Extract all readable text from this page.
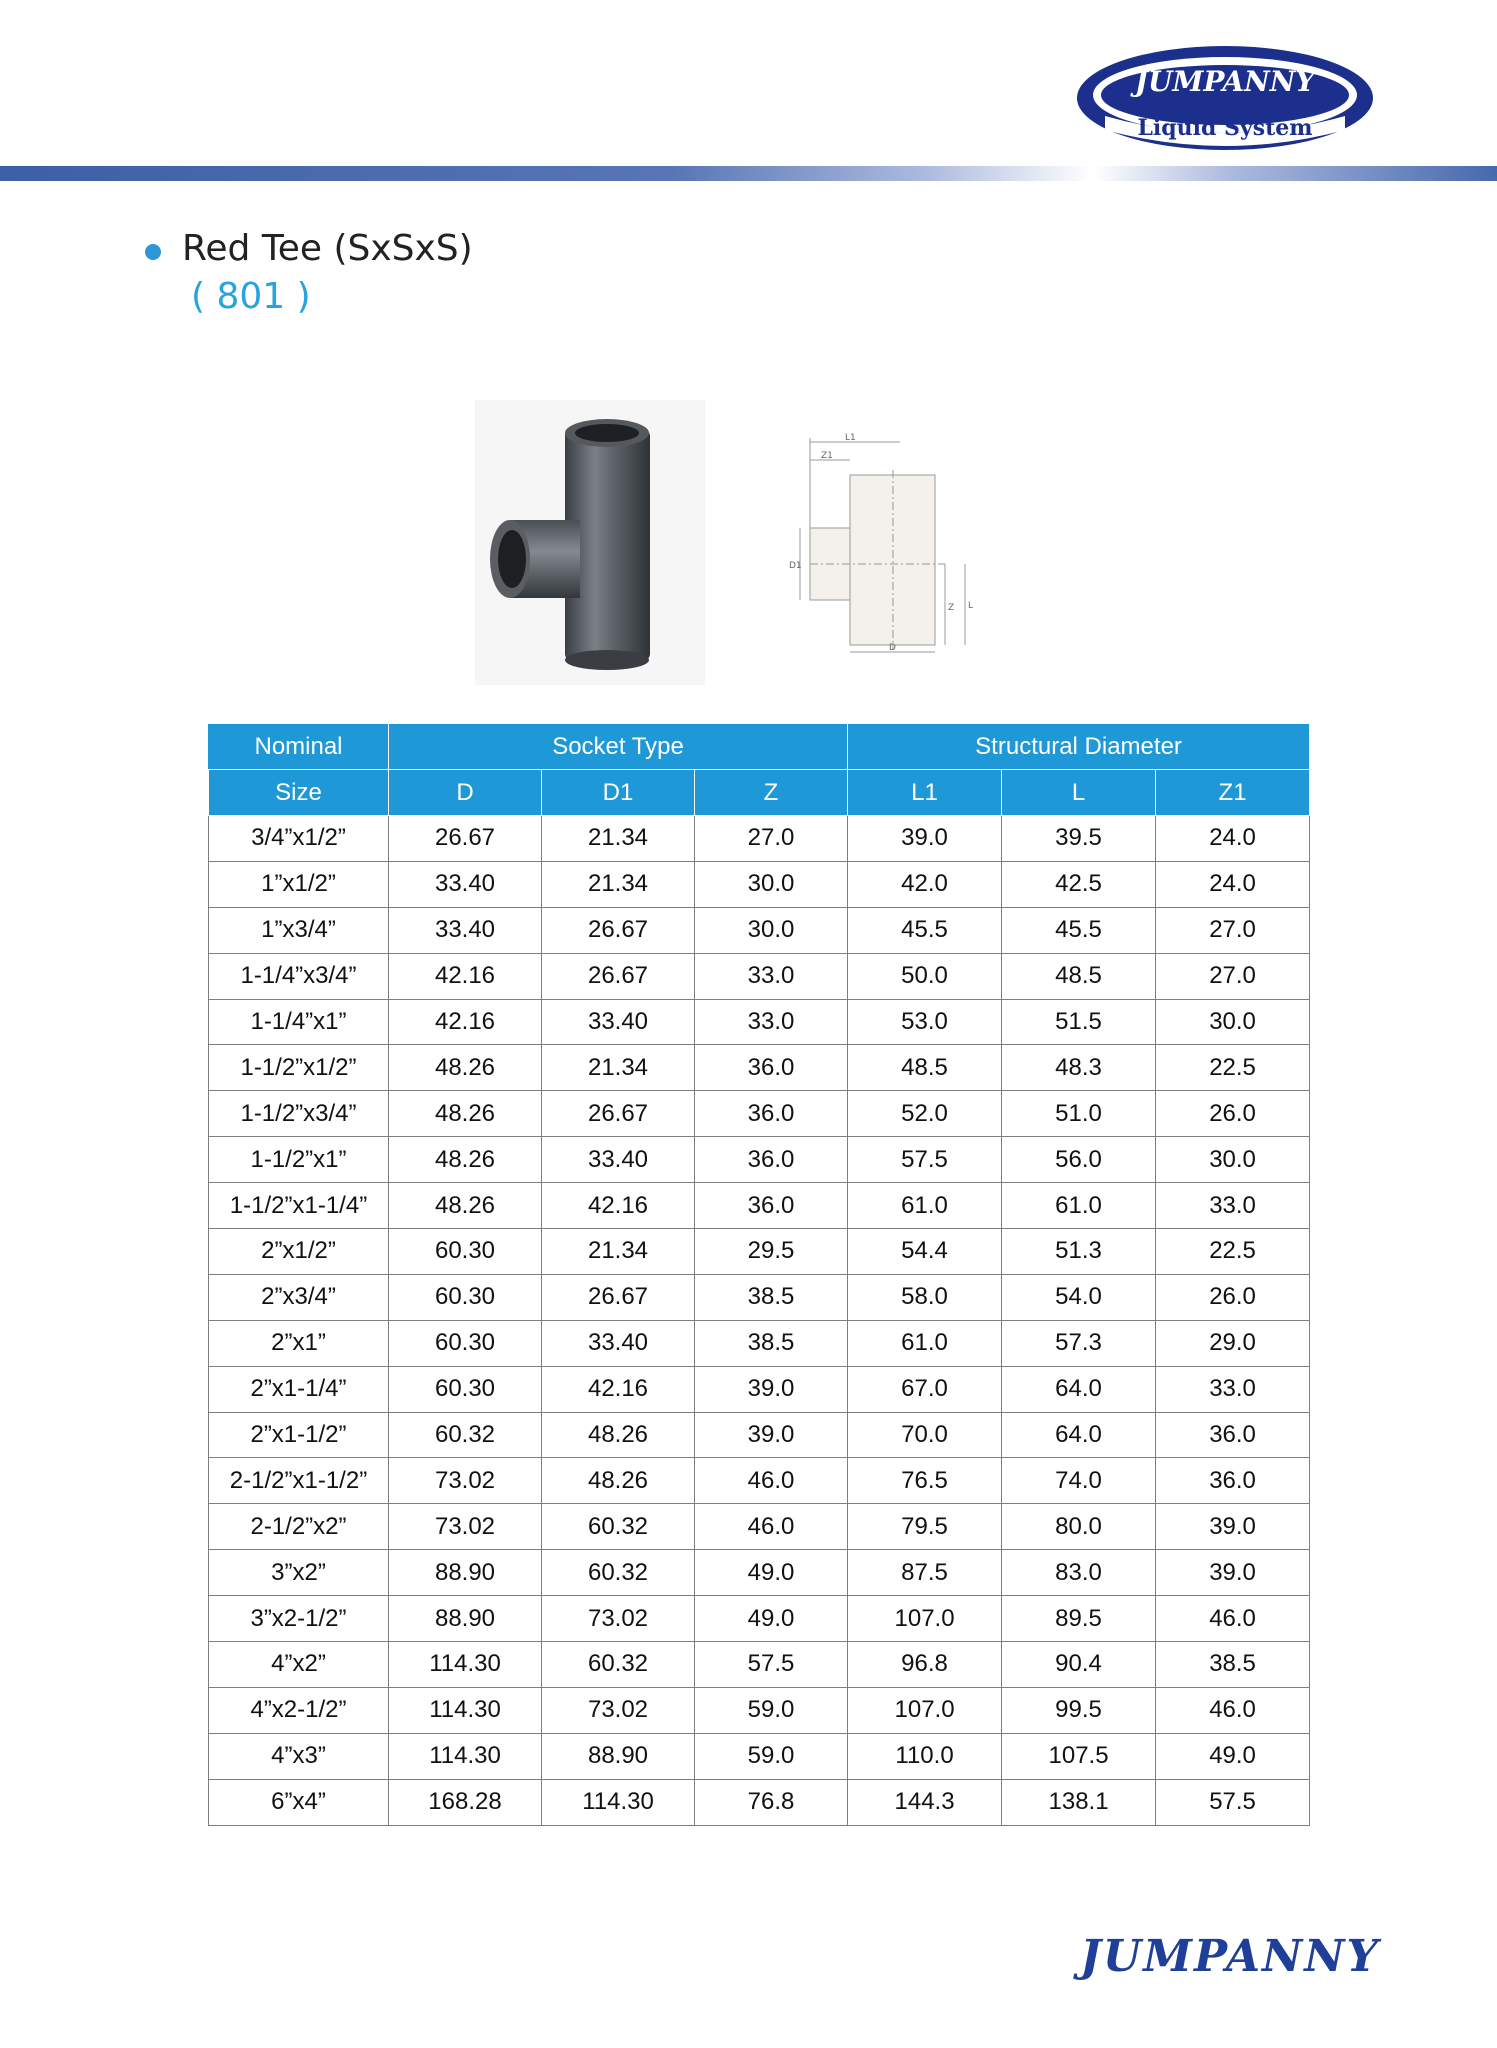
JUMPANNY
Liquid System
Red Tee (SxSxS)
( 801 )
L1
Z1
D1
Z L
D
Nominal	Socket Type			Structural Diameter		
Size	D	D1	Z	L1	L	Z1
3/4”x1/2”	26.67	21.34	27.0	39.0	39.5	24.0
1”x1/2”	33.40	21.34	30.0	42.0	42.5	24.0
1”x3/4”	33.40	26.67	30.0	45.5	45.5	27.0
1-1/4”x3/4”	42.16	26.67	33.0	50.0	48.5	27.0
1-1/4”x1”	42.16	33.40	33.0	53.0	51.5	30.0
1-1/2”x1/2”	48.26	21.34	36.0	48.5	48.3	22.5
1-1/2”x3/4”	48.26	26.67	36.0	52.0	51.0	26.0
1-1/2”x1”	48.26	33.40	36.0	57.5	56.0	30.0
1-1/2”x1-1/4”	48.26	42.16	36.0	61.0	61.0	33.0
2”x1/2”	60.30	21.34	29.5	54.4	51.3	22.5
2”x3/4”	60.30	26.67	38.5	58.0	54.0	26.0
2”x1”	60.30	33.40	38.5	61.0	57.3	29.0
2”x1-1/4”	60.30	42.16	39.0	67.0	64.0	33.0
2”x1-1/2”	60.32	48.26	39.0	70.0	64.0	36.0
2-1/2”x1-1/2”	73.02	48.26	46.0	76.5	74.0	36.0
2-1/2”x2”	73.02	60.32	46.0	79.5	80.0	39.0
3”x2”	88.90	60.32	49.0	87.5	83.0	39.0
3”x2-1/2”	88.90	73.02	49.0	107.0	89.5	46.0
4”x2”	114.30	60.32	57.5	96.8	90.4	38.5
4”x2-1/2”	114.30	73.02	59.0	107.0	99.5	46.0
4”x3”	114.30	88.90	59.0	110.0	107.5	49.0
6”x4”	168.28	114.30	76.8	144.3	138.1	57.5
JUMPANNY
